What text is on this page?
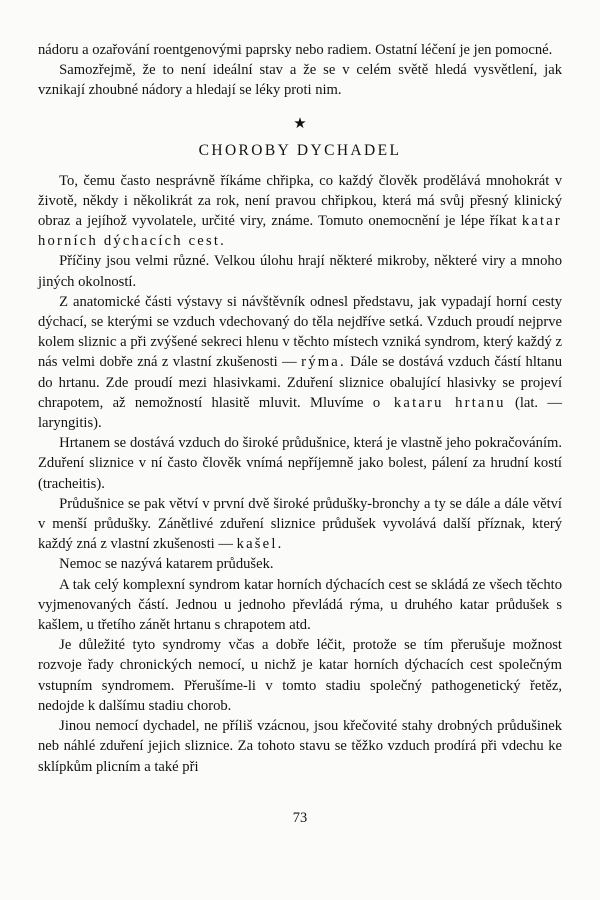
nádoru a ozařování roentgenovými paprsky nebo radiem. Ostatní léčení je jen pomocné.

Samozřejmě, že to není ideální stav a že se v celém světě hledá vysvětlení, jak vznikají zhoubné nádory a hledají se léky proti nim.

★
CHOROBY DYCHADEL

To, čemu často nesprávně říkáme chřipka, co každý člověk prodělává mnohokrát v životě, někdy i několikrát za rok, není pravou chřipkou, která má svůj přesný klinický obraz a jejíhož vyvolatele, určité viry, známe. Tomuto onemocnění je lépe říkat katar horních dýchacích cest.

Příčiny jsou velmi různé. Velkou úlohu hrají některé mikroby, některé viry a mnoho jiných okolností.

Z anatomické části výstavy si návštěvník odnesl představu, jak vypadají horní cesty dýchací, se kterými se vzduch vdechovaný do těla nejdříve setká. Vzduch proudí nejprve kolem sliznic a při zvýšené sekreci hlenu v těchto místech vzniká syndrom, který každý z nás velmi dobře zná z vlastní zkušenosti — rýma. Dále se dostává vzduch částí hltanu do hrtanu. Zde proudí mezi hlasivkami. Zduření sliznice obalující hlasivky se projeví chrapotem, až nemožností hlasitě mluvit. Mluvíme o kataru hrtanu (lat. — laryngitis).

Hrtanem se dostává vzduch do široké průdušnice, která je vlastně jeho pokračováním. Zduření sliznice v ní často člověk vnímá nepříjemně jako bolest, pálení za hrudní kostí (tracheitis).

Průdušnice se pak větví v první dvě široké průdušky-bronchy a ty se dále a dále větví v menší průdušky. Zánětlivé zduření sliznice průdušek vyvolává další příznak, který každý zná z vlastní zkušenosti — kašel.

Nemoc se nazývá katarem průdušek.

A tak celý komplexní syndrom katar horních dýchacích cest se skládá ze všech těchto vyjmenovaných částí. Jednou u jednoho převládá rýma, u druhého katar průdušek s kašlem, u třetího zánět hrtanu s chrapotem atd.

Je důležité tyto syndromy včas a dobře léčit, protože se tím přerušuje možnost rozvoje řady chronických nemocí, u nichž je katar horních dýchacích cest společným vstupním syndromem. Přerušíme-li v tomto stadiu společný pathogenetický řetěz, nedojde k dalšímu stadiu chorob.

Jinou nemocí dychadel, ne příliš vzácnou, jsou křečovité stahy drobných průdušinek neb náhlé zduření jejich sliznice. Za tohoto stavu se těžko vzduch prodírá při vdechu ke sklípkům plicním a také při

73
